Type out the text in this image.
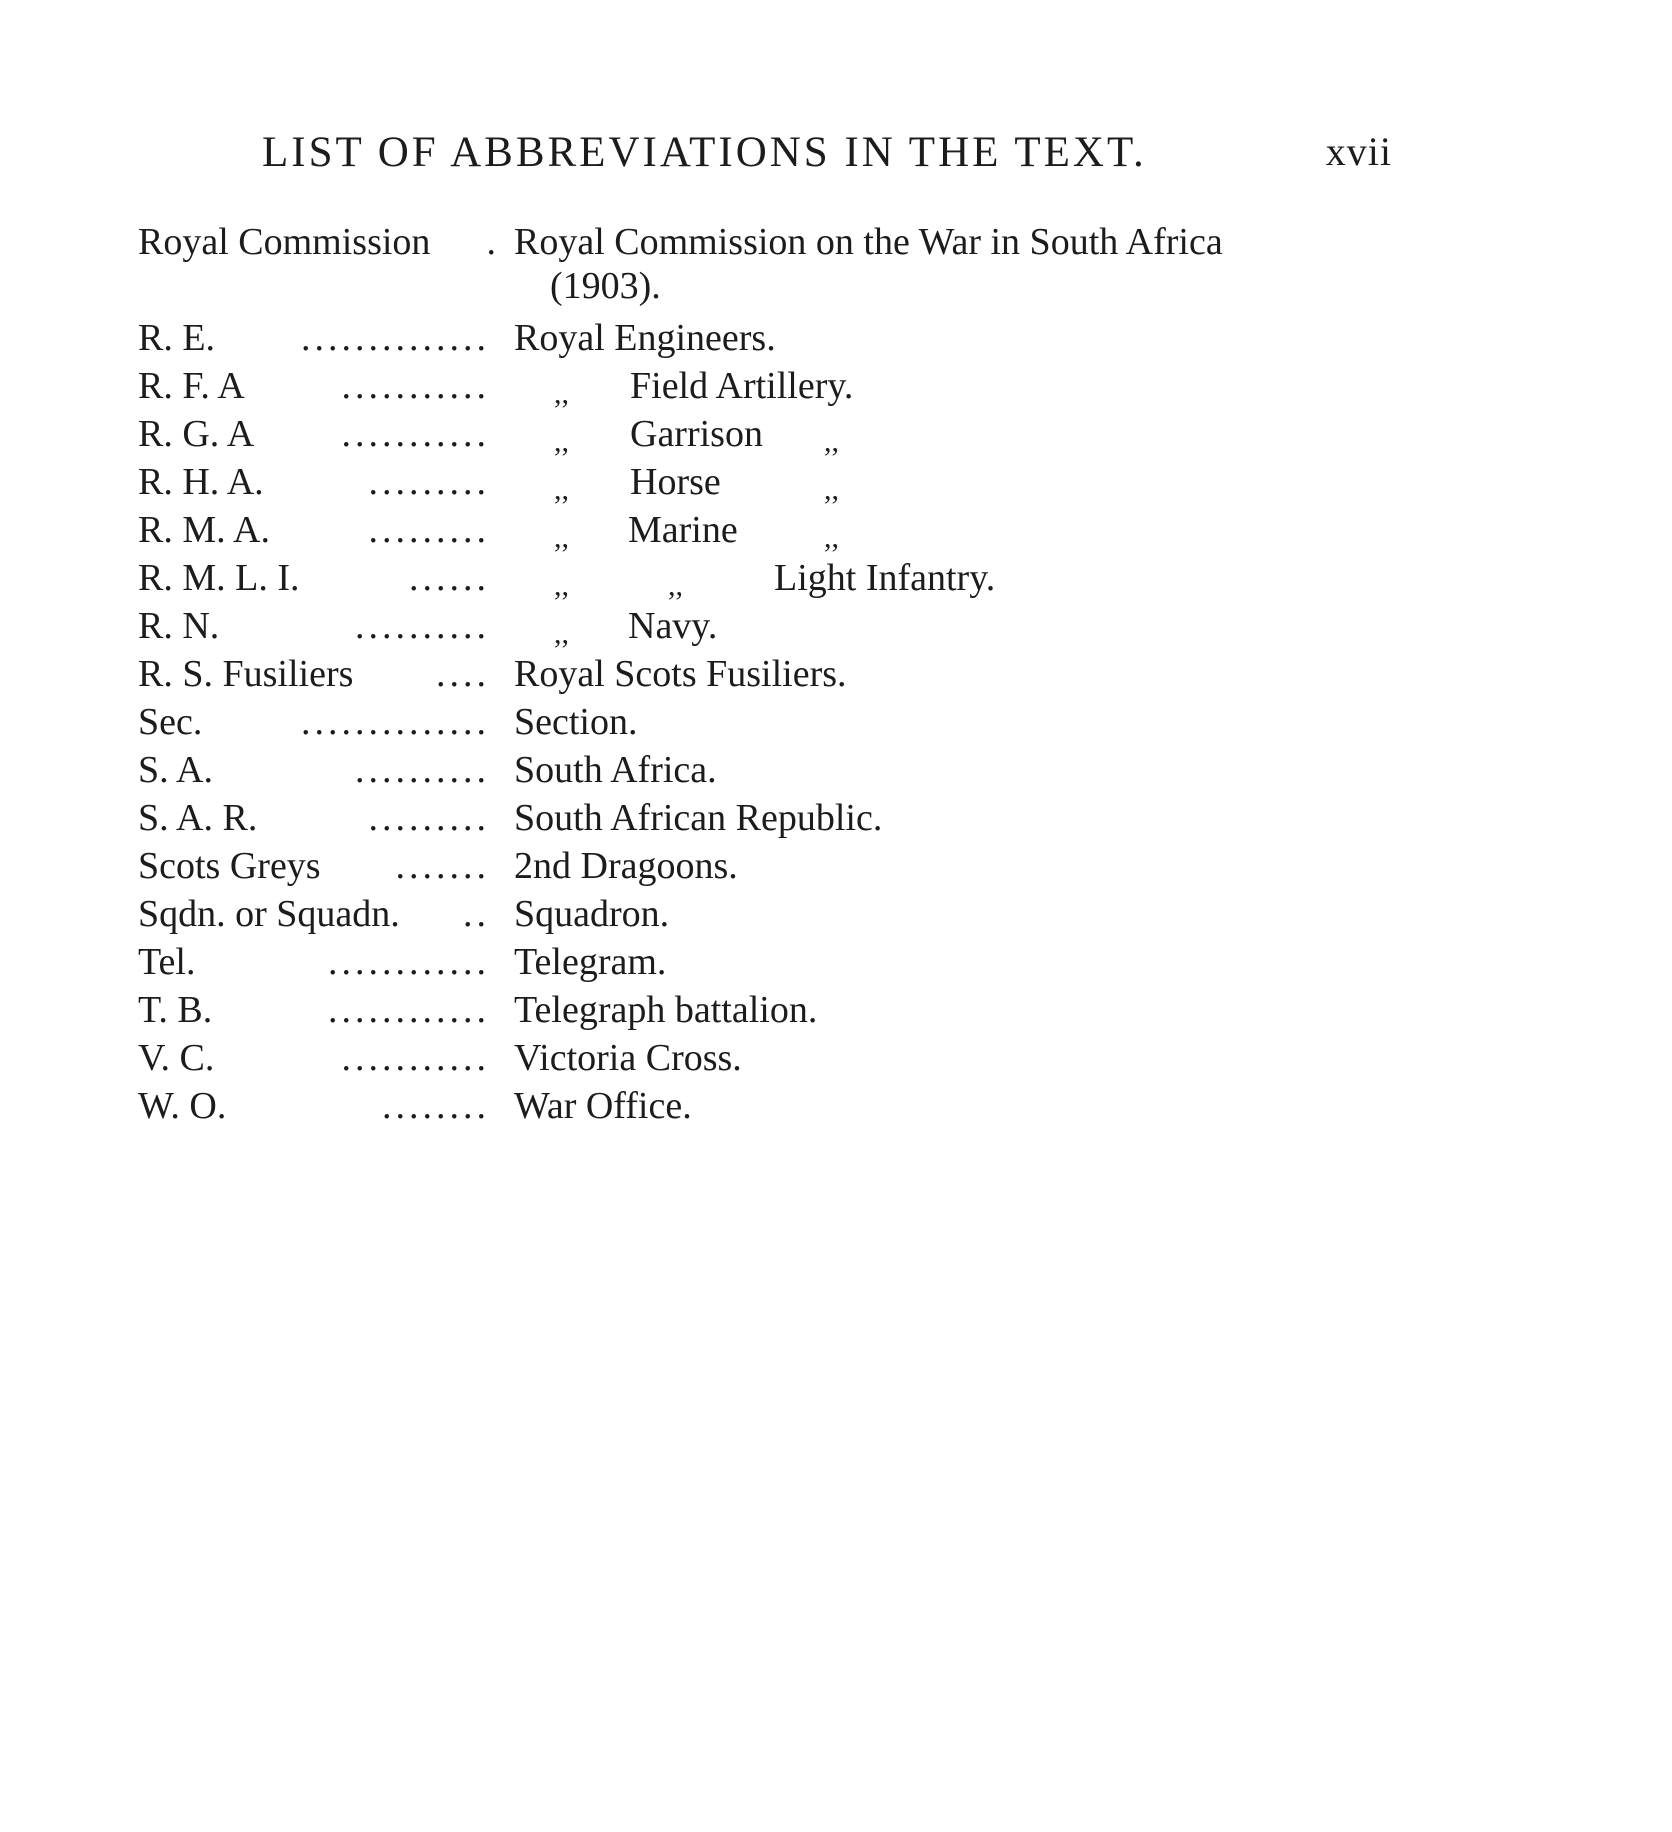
LIST OF ABBREVIATIONS IN THE TEXT.	xvii
Royal Commission . Royal Commission on the War in South Africa
(1903).
R. E. .............. Royal Engineers.
R. F. A	........... ,, Field Artillery.
R. G. A ........... ,, Garrison ,,
R. H. A.	......... ,, Horse	,,
R. M. A.	......... ,, Marine	,,
R. M. L. I.	...... ,,	,, Light Infantry.
R. N.	.......... ,, Navy.
R. S. Fusiliers .... Royal Scots Fusiliers.
Sec.	.............. Section.
S. A.	.......... South Africa.
S. A. R.	......... South African Republic.
Scots Greys ....... 2nd Dragoons.
Sqdn. or Squadn. .. Squadron.
Tel.	............ Telegram.
T. B.	............ Telegraph battalion.
V. C.	........... Victoria Cross.
W. O.	........ War Office.
